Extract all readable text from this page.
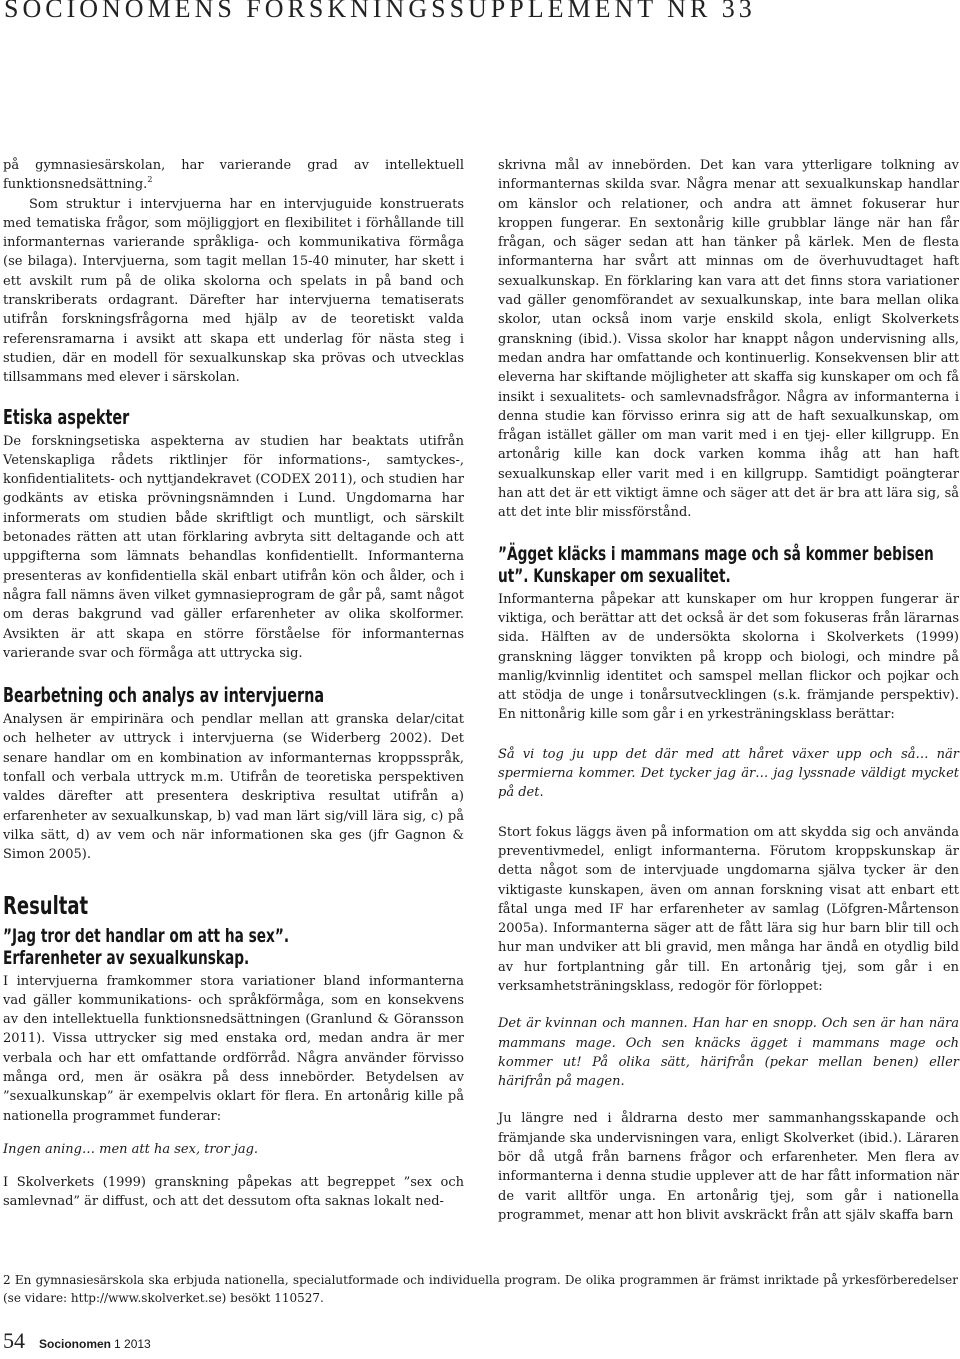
SOCIONOMENS FORSKNINGSSUPPLEMENT NR 33

på gymnasiesärskolan, har varierande grad av intellektuell funktionsnedsättning.$^2$

Som struktur i intervjuerna har en intervjuguide konstruerats med tematiska frågor, som möjliggjort en flexibilitet i förhållande till informanternas varierande språkliga- och kommunikativa förmåga (se bilaga). Intervjuerna, som tagit mellan 15-40 minuter, har skett i ett avskilt rum på de olika skolorna och spelats in på band och transkriberats ordagrant. Därefter har intervjuerna tematiserats utifrån forskningsfrågorna med hjälp av de teoretiskt valda referensramarna i avsikt att skapa ett underlag för nästa steg i studien, där en modell för sexualkunskap ska prövas och utvecklas tillsammans med elever i särskolan.

Etiska aspekter

De forskningsetiska aspekterna av studien har beaktats utifrån Vetenskapliga rådets riktlinjer för informations-, samtyckes-, konfidentialitets- och nyttjandekravet (CODEX 2011), och studien har godkänts av etiska prövningsnämnden i Lund. Ungdomarna har informerats om studien både skriftligt och muntligt, och särskilt betonades rätten att utan förklaring avbryta sitt deltagande och att uppgifterna som lämnats behandlas konfidentiellt. Informanterna presenteras av konfidentiella skäl enbart utifrån kön och ålder, och i några fall nämns även vilket gymnasieprogram de går på, samt något om deras bakgrund vad gäller erfarenheter av olika skolformer. Avsikten är att skapa en större förståelse för informanternas varierande svar och förmåga att uttrycka sig.

Bearbetning och analys av intervjuerna

Analysen är empirinära och pendlar mellan att granska delar/citat och helheter av uttryck i intervjuerna (se Widerberg 2002). Det senare handlar om en kombination av informanternas kroppsspråk, tonfall och verbala uttryck m.m. Utifrån de teoretiska perspektiven valdes därefter att presentera deskriptiva resultat utifrån a) erfarenheter av sexualkunskap, b) vad man lärt sig/vill lära sig, c) på vilka sätt, d) av vem och när informationen ska ges (jfr Gagnon & Simon 2005).

Resultat
”Jag tror det handlar om att ha sex”.
Erfarenheter av sexualkunskap.

I intervjuerna framkommer stora variationer bland informanterna vad gäller kommunikations- och språkförmåga, som en konsekvens av den intellektuella funktionsnedsättningen (Granlund & Göransson 2011). Vissa uttrycker sig med enstaka ord, medan andra är mer verbala och har ett omfattande ordförråd. Några använder förvisso många ord, men är osäkra på dess innebörder. Betydelsen av ”sexualkunskap” är exempelvis oklart för flera. En artonårig kille på nationella programmet funderar:

Ingen aning… men att ha sex, tror jag.

I Skolverkets (1999) granskning påpekas att begreppet ”sex och samlevnad” är diffust, och att det dessutom ofta saknas lokalt ned-

skrivna mål av innebörden. Det kan vara ytterligare tolkning av informanternas skilda svar. Några menar att sexualkunskap handlar om känslor och relationer, och andra att ämnet fokuserar hur kroppen fungerar. En sextonårig kille grubblar länge när han får frågan, och säger sedan att han tänker på kärlek. Men de flesta informanterna har svårt att minnas om de överhuvudtaget haft sexualkunskap. En förklaring kan vara att det finns stora variationer vad gäller genomförandet av sexualkunskap, inte bara mellan olika skolor, utan också inom varje enskild skola, enligt Skolverkets granskning (ibid.). Vissa skolor har knappt någon undervisning alls, medan andra har omfattande och kontinuerlig. Konsekvensen blir att eleverna har skiftande möjligheter att skaffa sig kunskaper om och få insikt i sexualitets- och samlevnadsfrågor. Några av informanterna i denna studie kan förvisso erinra sig att de haft sexualkunskap, om frågan istället gäller om man varit med i en tjej- eller killgrupp. En artonårig kille kan dock varken komma ihåg att han haft sexualkunskap eller varit med i en killgrupp. Samtidigt poängterar han att det är ett viktigt ämne och säger att det är bra att lära sig, så att det inte blir missförstånd.

”Ägget kläcks i mammans mage och så kommer bebisen ut”. Kunskaper om sexualitet.

Informanterna påpekar att kunskaper om hur kroppen fungerar är viktiga, och berättar att det också är det som fokuseras från lärarnas sida. Hälften av de undersökta skolorna i Skolverkets (1999) granskning lägger tonvikten på kropp och biologi, och mindre på manlig/kvinnlig identitet och samspel mellan flickor och pojkar och att stödja de unge i tonårsutvecklingen (s.k. främjande perspektiv). En nittonårig kille som går i en yrkesträningsklass berättar:

Så vi tog ju upp det där med att håret växer upp och så… när spermierna kommer. Det tycker jag är… jag lyssnade väldigt mycket på det.

Stort fokus läggs även på information om att skydda sig och använda preventivmedel, enligt informanterna. Förutom kroppskunskap är detta något som de intervjuade ungdomarna själva tycker är den viktigaste kunskapen, även om annan forskning visat att enbart ett fåtal unga med IF har erfarenheter av samlag (Löfgren-Mårtenson 2005a). Informanterna säger att de fått lära sig hur barn blir till och hur man undviker att bli gravid, men många har ändå en otydlig bild av hur fortplantning går till. En artonårig tjej, som går i en verksamhetsträningsklass, redogör för förloppet:

Det är kvinnan och mannen. Han har en snopp. Och sen är han nära mammans mage. Och sen knäcks ägget i mammans mage och kommer ut! På olika sätt, härifrån (pekar mellan benen) eller härifrån på magen.

Ju längre ned i åldrarna desto mer sammanhangsskapande och främjande ska undervisningen vara, enligt Skolverket (ibid.). Läraren bör då utgå från barnens frågor och erfarenheter. Men flera av informanterna i denna studie upplever att de har fått information när de varit alltför unga. En artonårig tjej, som går i nationella programmet, menar att hon blivit avskräckt från att själv skaffa barn

2 En gymnasiesärskola ska erbjuda nationella, specialutformade och individuella program. De olika programmen är främst inriktade på yrkesförberedelser (se vidare: http://www.skolverket.se) besökt 110527.
54 Socionomen 1 2013
